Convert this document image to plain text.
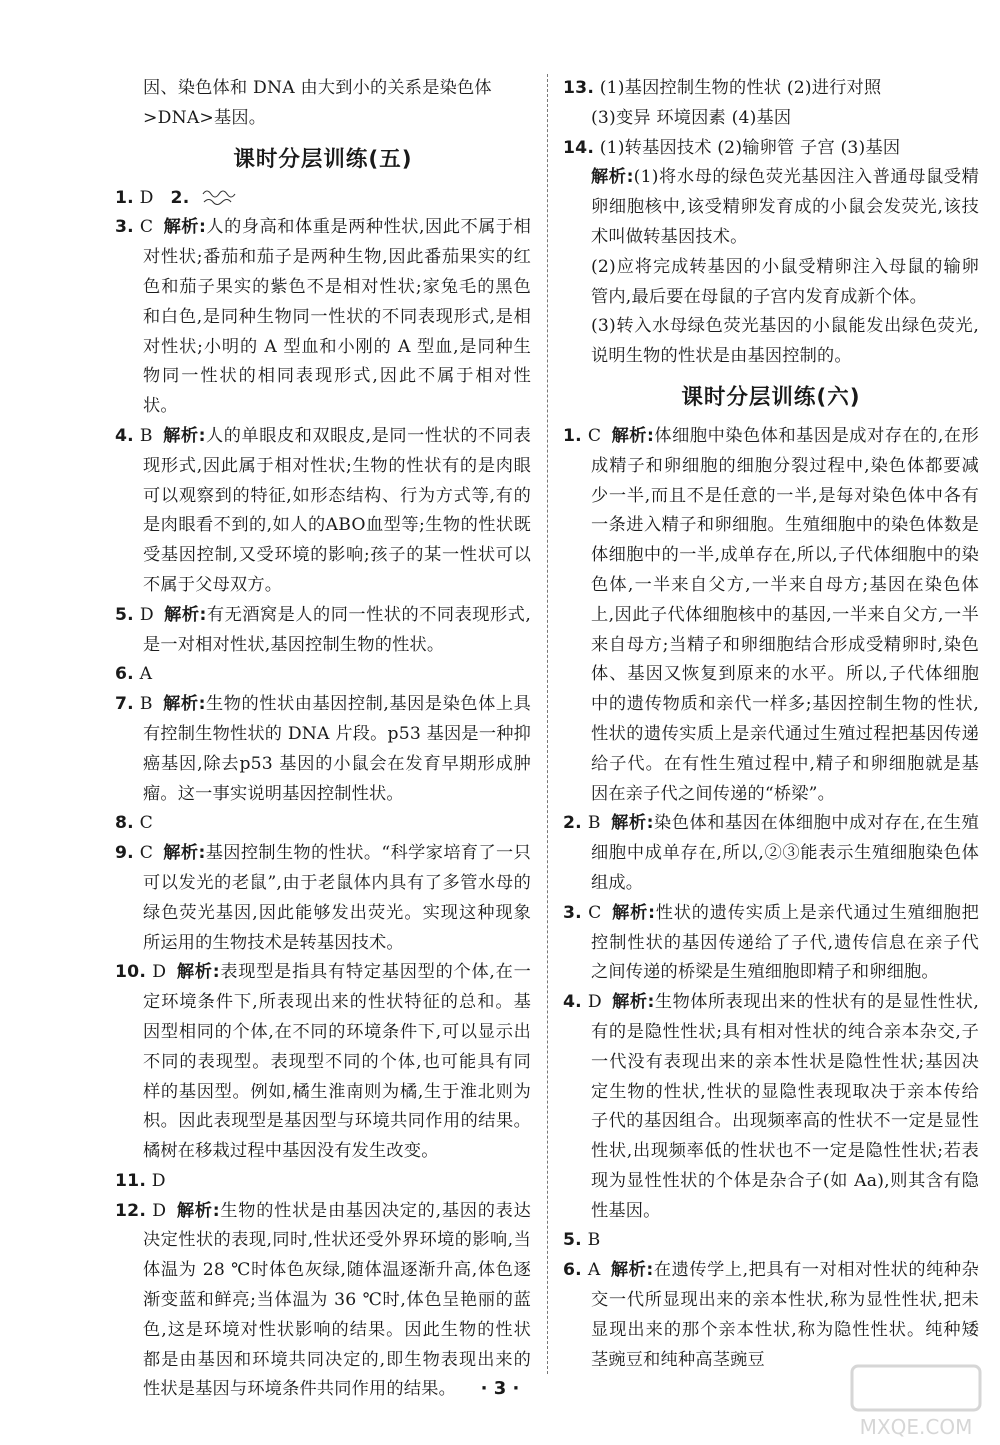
因、染色体和 DNA 由大到小的关系是染色体

>DNA>基因。

课时分层训练(五)

1. D 2.

3. C 解析:人的身高和体重是两种性状,因此不属于相对性状;番茄和茄子是两种生物,因此番茄果实的红色和茄子果实的紫色不是相对性状;家兔毛的黑色和白色,是同种生物同一性状的不同表现形式,是相对性状;小明的 A 型血和小刚的 A 型血,是同种生物同一性状的相同表现形式,因此不属于相对性状。

4. B 解析:人的单眼皮和双眼皮,是同一性状的不同表现形式,因此属于相对性状;生物的性状有的是肉眼可以观察到的特征,如形态结构、行为方式等,有的是肉眼看不到的,如人的ABO血型等;生物的性状既受基因控制,又受环境的影响;孩子的某一性状可以不属于父母双方。

5. D 解析:有无酒窝是人的同一性状的不同表现形式,是一对相对性状,基因控制生物的性状。

6. A

7. B 解析:生物的性状由基因控制,基因是染色体上具有控制生物性状的 DNA 片段。p53 基因是一种抑癌基因,除去p53 基因的小鼠会在发育早期形成肿瘤。这一事实说明基因控制性状。

8. C

9. C 解析:基因控制生物的性状。“科学家培育了一只可以发光的老鼠”,由于老鼠体内具有了多管水母的绿色荧光基因,因此能够发出荧光。实现这种现象所运用的生物技术是转基因技术。

10. D 解析:表现型是指具有特定基因型的个体,在一定环境条件下,所表现出来的性状特征的总和。基因型相同的个体,在不同的环境条件下,可以显示出不同的表现型。表现型不同的个体,也可能具有同样的基因型。例如,橘生淮南则为橘,生于淮北则为枳。因此表现型是基因型与环境共同作用的结果。橘树在移栽过程中基因没有发生改变。

11. D

12. D 解析:生物的性状是由基因决定的,基因的表达决定性状的表现,同时,性状还受外界环境的影响,当体温为 28 ℃时体色灰绿,随体温逐渐升高,体色逐渐变蓝和鲜亮;当体温为 36 ℃时,体色呈艳丽的蓝色,这是环境对性状影响的结果。因此生物的性状都是由基因和环境共同决定的,即生物表现出来的性状是基因与环境条件共同作用的结果。

13. (1)基因控制生物的性状 (2)进行对照

(3)变异 环境因素 (4)基因

14. (1)转基因技术 (2)输卵管 子宫 (3)基因

解析:(1)将水母的绿色荧光基因注入普通母鼠受精卵细胞核中,该受精卵发育成的小鼠会发荧光,该技术叫做转基因技术。

(2)应将完成转基因的小鼠受精卵注入母鼠的输卵管内,最后要在母鼠的子宫内发育成新个体。

(3)转入水母绿色荧光基因的小鼠能发出绿色荧光,说明生物的性状是由基因控制的。

课时分层训练(六)

1. C 解析:体细胞中染色体和基因是成对存在的,在形成精子和卵细胞的细胞分裂过程中,染色体都要减少一半,而且不是任意的一半,是每对染色体中各有一条进入精子和卵细胞。生殖细胞中的染色体数是体细胞中的一半,成单存在,所以,子代体细胞中的染色体,一半来自父方,一半来自母方;基因在染色体上,因此子代体细胞核中的基因,一半来自父方,一半来自母方;当精子和卵细胞结合形成受精卵时,染色体、基因又恢复到原来的水平。所以,子代体细胞中的遗传物质和亲代一样多;基因控制生物的性状,性状的遗传实质上是亲代通过生殖过程把基因传递给子代。在有性生殖过程中,精子和卵细胞就是基因在亲子代之间传递的“桥梁”。

2. B 解析:染色体和基因在体细胞中成对存在,在生殖细胞中成单存在,所以,②③能表示生殖细胞染色体组成。

3. C 解析:性状的遗传实质上是亲代通过生殖细胞把控制性状的基因传递给了子代,遗传信息在亲子代之间传递的桥梁是生殖细胞即精子和卵细胞。

4. D 解析:生物体所表现出来的性状有的是显性性状,有的是隐性性状;具有相对性状的纯合亲本杂交,子一代没有表现出来的亲本性状是隐性性状;基因决定生物的性状,性状的显隐性表现取决于亲本传给子代的基因组合。出现频率高的性状不一定是显性性状,出现频率低的性状也不一定是隐性性状;若表现为显性性状的个体是杂合子(如 Aa),则其含有隐性基因。

5. B

6. A 解析:在遗传学上,把具有一对相对性状的纯种杂交一代所显现出来的亲本性状,称为显性性状,把未显现出来的那个亲本性状,称为隐性性状。纯种矮茎豌豆和纯种高茎豌豆

· 3 ·
MXQE.COM
